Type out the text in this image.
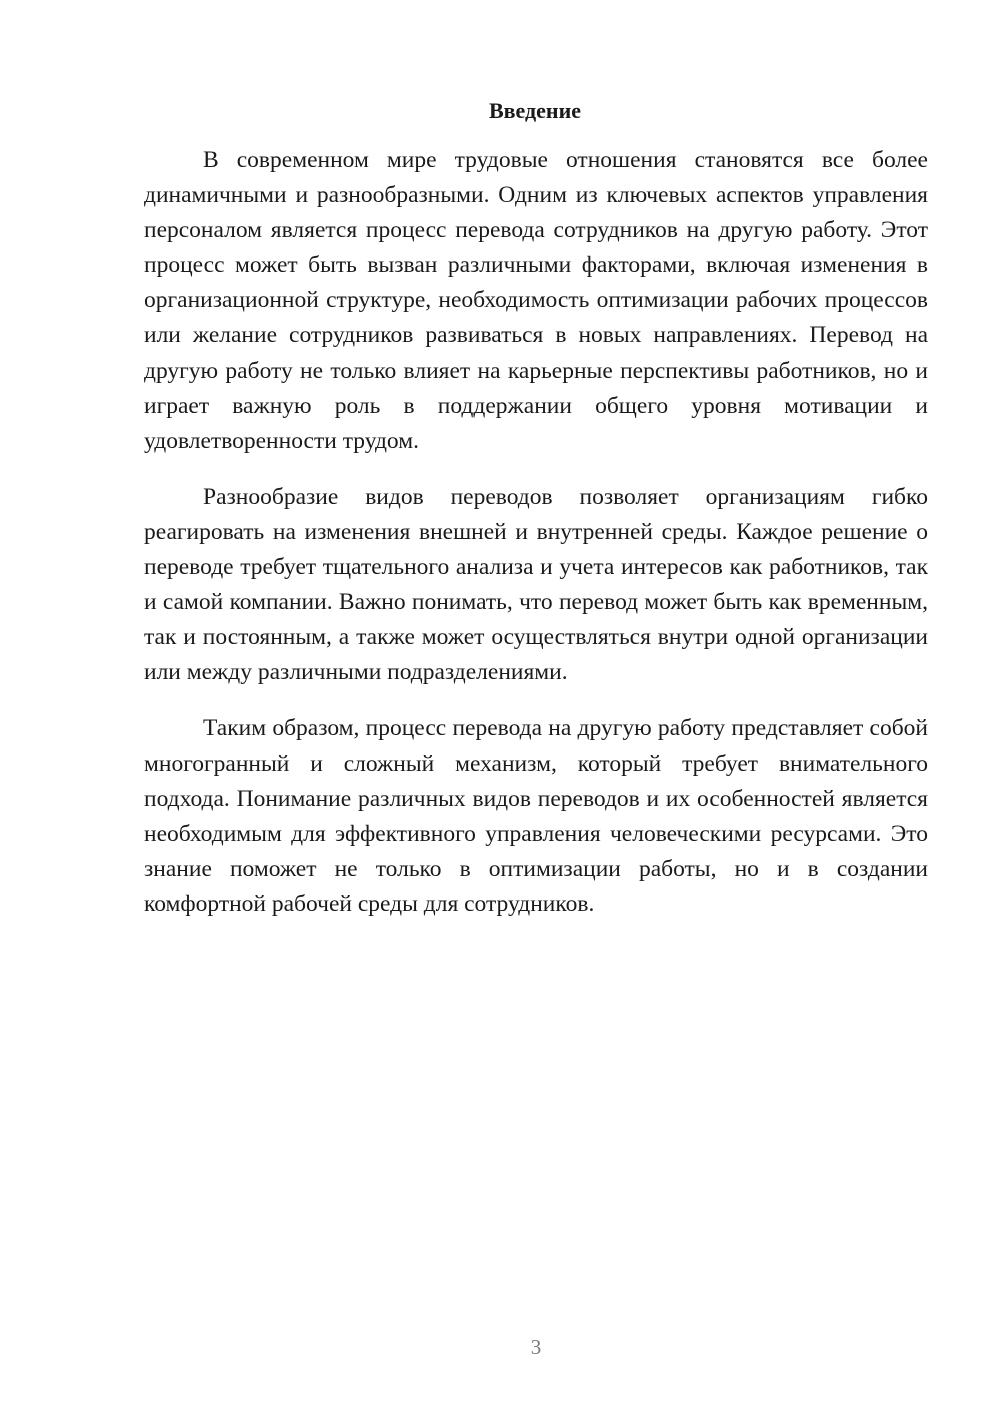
Введение

В современном мире трудовые отношения становятся все более динамичными и разнообразными. Одним из ключевых аспектов управления персоналом является процесс перевода сотрудников на другую работу. Этот процесс может быть вызван различными факторами, включая изменения в организационной структуре, необходимость оптимизации рабочих процессов или желание сотрудников развиваться в новых направлениях. Перевод на другую работу не только влияет на карьерные перспективы работников, но и играет важную роль в поддержании общего уровня мотивации и удовлетворенности трудом.

Разнообразие видов переводов позволяет организациям гибко реагировать на изменения внешней и внутренней среды. Каждое решение о переводе требует тщательного анализа и учета интересов как работников, так и самой компании. Важно понимать, что перевод может быть как временным, так и постоянным, а также может осуществляться внутри одной организации или между различными подразделениями.

Таким образом, процесс перевода на другую работу представляет собой многогранный и сложный механизм, который требует внимательного подхода. Понимание различных видов переводов и их особенностей является необходимым для эффективного управления человеческими ресурсами. Это знание поможет не только в оптимизации работы, но и в создании комфортной рабочей среды для сотрудников.

3
